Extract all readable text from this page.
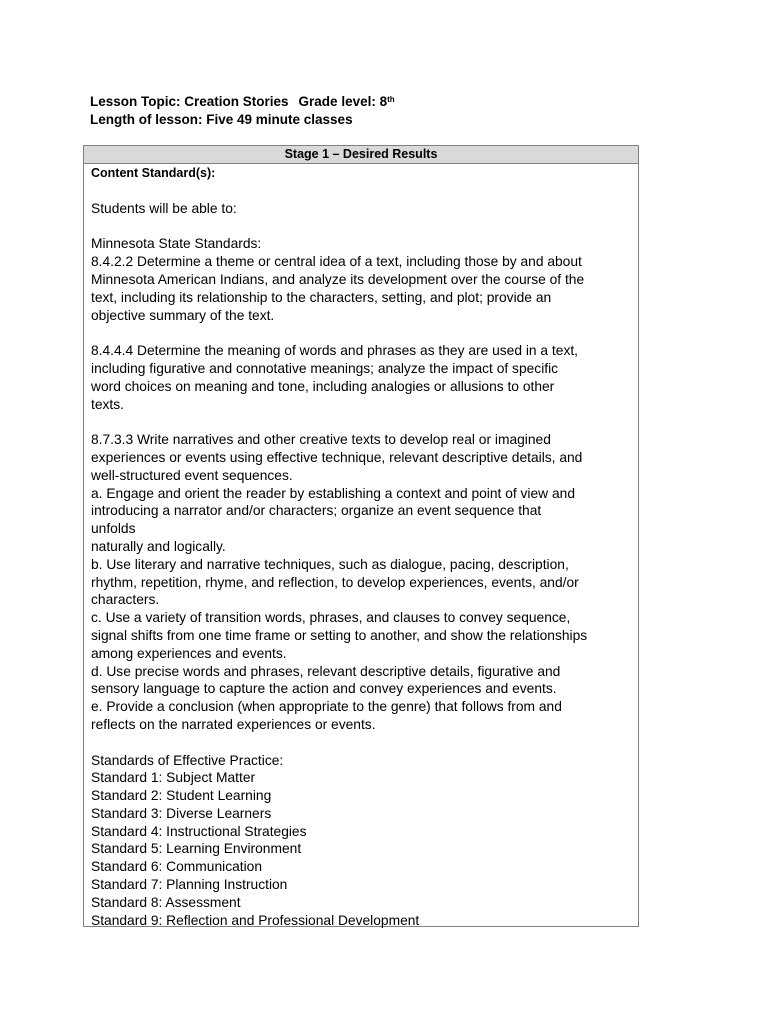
Lesson Topic: Creation Stories Grade level: 8th
Length of lesson: Five 49 minute classes
Stage 1 – Desired Results
Content Standard(s):
Students will be able to:
Minnesota State Standards:
8.4.2.2 Determine a theme or central idea of a text, including those by and about
Minnesota American Indians, and analyze its development over the course of the
text, including its relationship to the characters, setting, and plot; provide an
objective summary of the text.
8.4.4.4 Determine the meaning of words and phrases as they are used in a text,
including figurative and connotative meanings; analyze the impact of specific
word choices on meaning and tone, including analogies or allusions to other
texts.
8.7.3.3 Write narratives and other creative texts to develop real or imagined
experiences or events using effective technique, relevant descriptive details, and
well-structured event sequences.
a. Engage and orient the reader by establishing a context and point of view and
introducing a narrator and/or characters; organize an event sequence that
unfolds
naturally and logically.
b. Use literary and narrative techniques, such as dialogue, pacing, description,
rhythm, repetition, rhyme, and reflection, to develop experiences, events, and/or
characters.
c. Use a variety of transition words, phrases, and clauses to convey sequence,
signal shifts from one time frame or setting to another, and show the relationships
among experiences and events.
d. Use precise words and phrases, relevant descriptive details, figurative and
sensory language to capture the action and convey experiences and events.
e. Provide a conclusion (when appropriate to the genre) that follows from and
reflects on the narrated experiences or events.
Standards of Effective Practice:
Standard 1: Subject Matter
Standard 2: Student Learning
Standard 3: Diverse Learners
Standard 4: Instructional Strategies
Standard 5: Learning Environment
Standard 6: Communication
Standard 7: Planning Instruction
Standard 8: Assessment
Standard 9: Reflection and Professional Development
